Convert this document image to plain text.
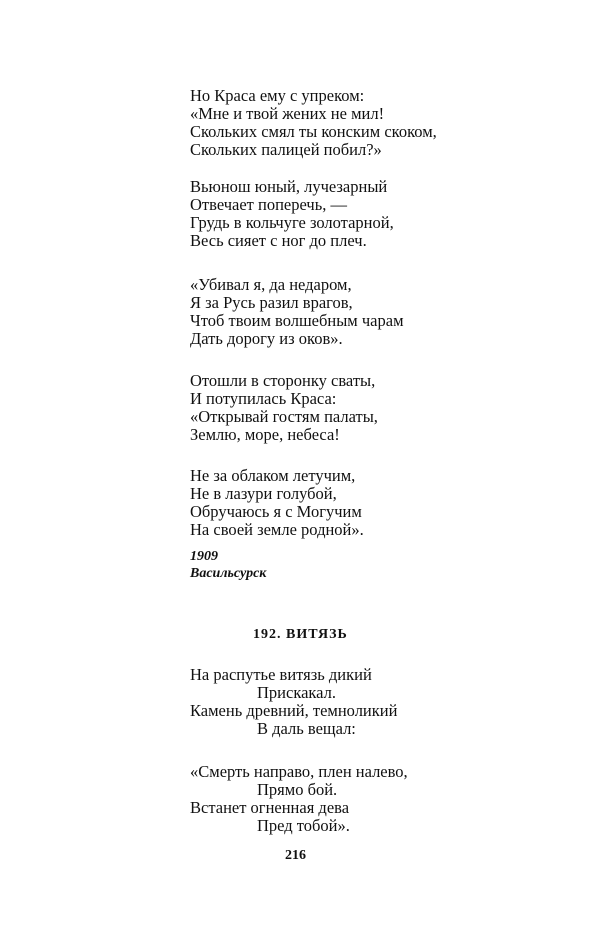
Но Краса ему с упреком:
«Мне и твой жених не мил!
Скольких смял ты конским скоком,
Скольких палицей побил?»
Вьюнош юный, лучезарный
Отвечает поперечь, —
Грудь в кольчуге золотарной,
Весь сияет с ног до плеч.
«Убивал я, да недаром,
Я за Русь разил врагов,
Чтоб твоим волшебным чарам
Дать дорогу из оков».
Отошли в сторонку сваты,
И потупилась Краса:
«Открывай гостям палаты,
Землю, море, небеса!
Не за облаком летучим,
Не в лазури голубой,
Обручаюсь я с Могучим
На своей земле родной».
1909
Васильсурск
192. ВИТЯЗЬ
На распутье витязь дикий
Прискакал.
Камень древний, темноликий
В даль вещал:
«Смерть направо, плен налево,
Прямо бой.
Встанет огненная дева
Пред тобой».
216
